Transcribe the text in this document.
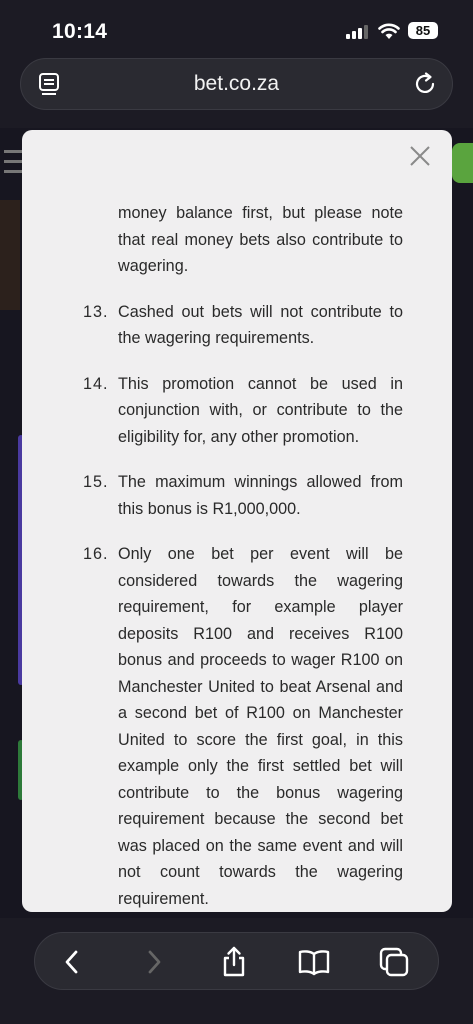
10:14	85
bet.co.za
money balance first, but please note that real money bets also contribute to wagering.
13. Cashed out bets will not contribute to the wagering requirements.
14. This promotion cannot be used in conjunction with, or contribute to the eligibility for, any other promotion.
15. The maximum winnings allowed from this bonus is R1,000,000.
16. Only one bet per event will be considered towards the wagering requirement, for example player deposits R100 and receives R100 bonus and proceeds to wager R100 on Manchester United to beat Arsenal and a second bet of R100 on Manchester United to score the first goal, in this example only the first settled bet will contribute to the bonus wagering requirement because the second bet was placed on the same event and will not count towards the wagering requirement.
